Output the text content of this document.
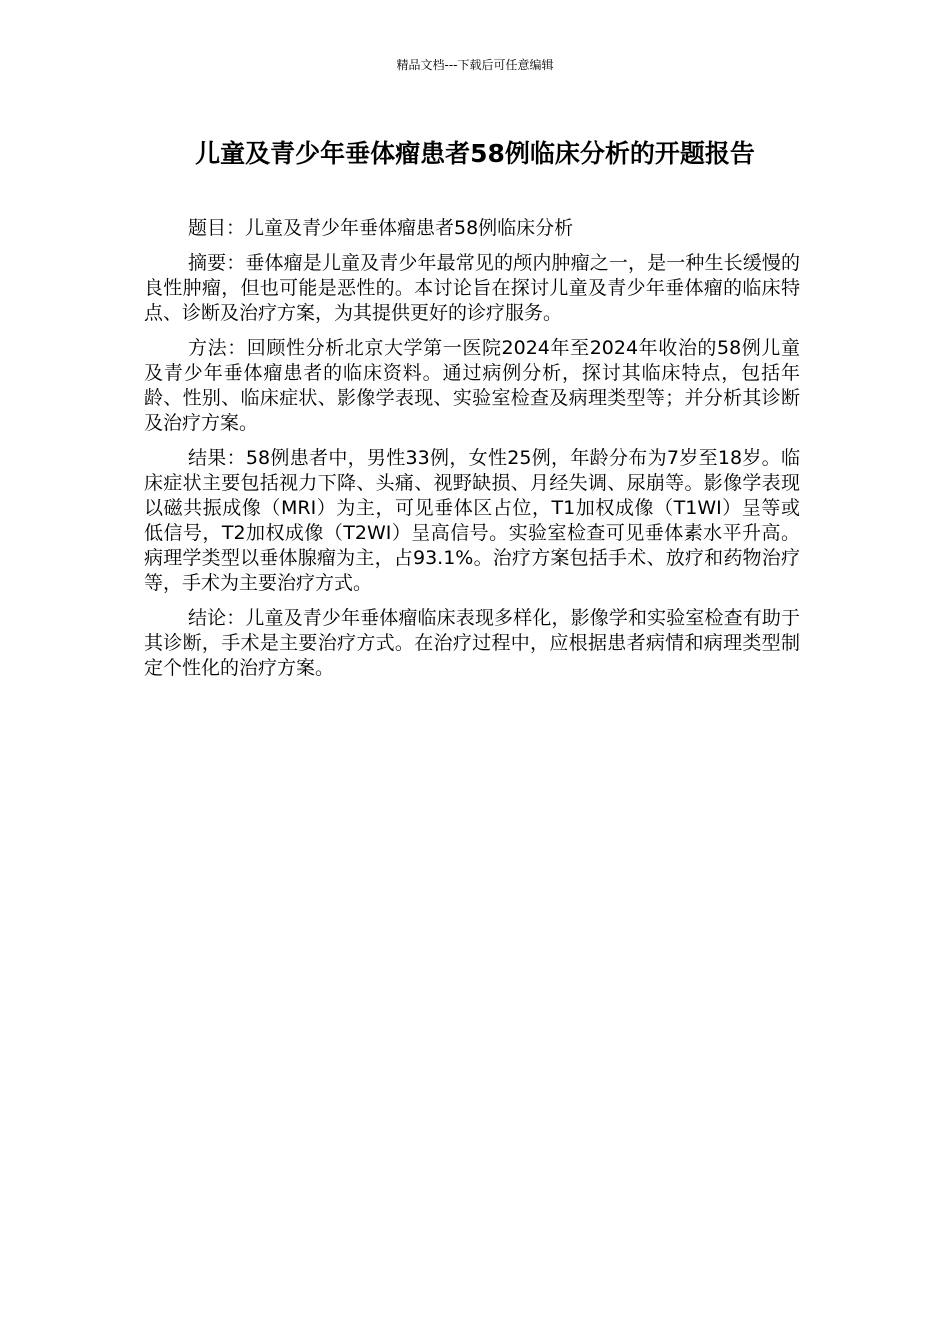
精品文档---下载后可任意编辑
儿童及青少年垂体瘤患者58例临床分析的开题报告

题目：儿童及青少年垂体瘤患者58例临床分析

摘要：垂体瘤是儿童及青少年最常见的颅内肿瘤之一，是一种生长缓慢的良性肿瘤，但也可能是恶性的。本讨论旨在探讨儿童及青少年垂体瘤的临床特点、诊断及治疗方案，为其提供更好的诊疗服务。

方法：回顾性分析北京大学第一医院2024年至2024年收治的58例儿童及青少年垂体瘤患者的临床资料。通过病例分析，探讨其临床特点，包括年龄、性别、临床症状、影像学表现、实验室检查及病理类型等；并分析其诊断及治疗方案。

结果：58例患者中，男性33例，女性25例，年龄分布为7岁至18岁。临床症状主要包括视力下降、头痛、视野缺损、月经失调、尿崩等。影像学表现以磁共振成像（MRI）为主，可见垂体区占位，T1加权成像（T1WI）呈等或低信号，T2加权成像（T2WI）呈高信号。实验室检查可见垂体素水平升高。病理学类型以垂体腺瘤为主，占93.1%。治疗方案包括手术、放疗和药物治疗等，手术为主要治疗方式。

结论：儿童及青少年垂体瘤临床表现多样化，影像学和实验室检查有助于其诊断，手术是主要治疗方式。在治疗过程中，应根据患者病情和病理类型制定个性化的治疗方案。
